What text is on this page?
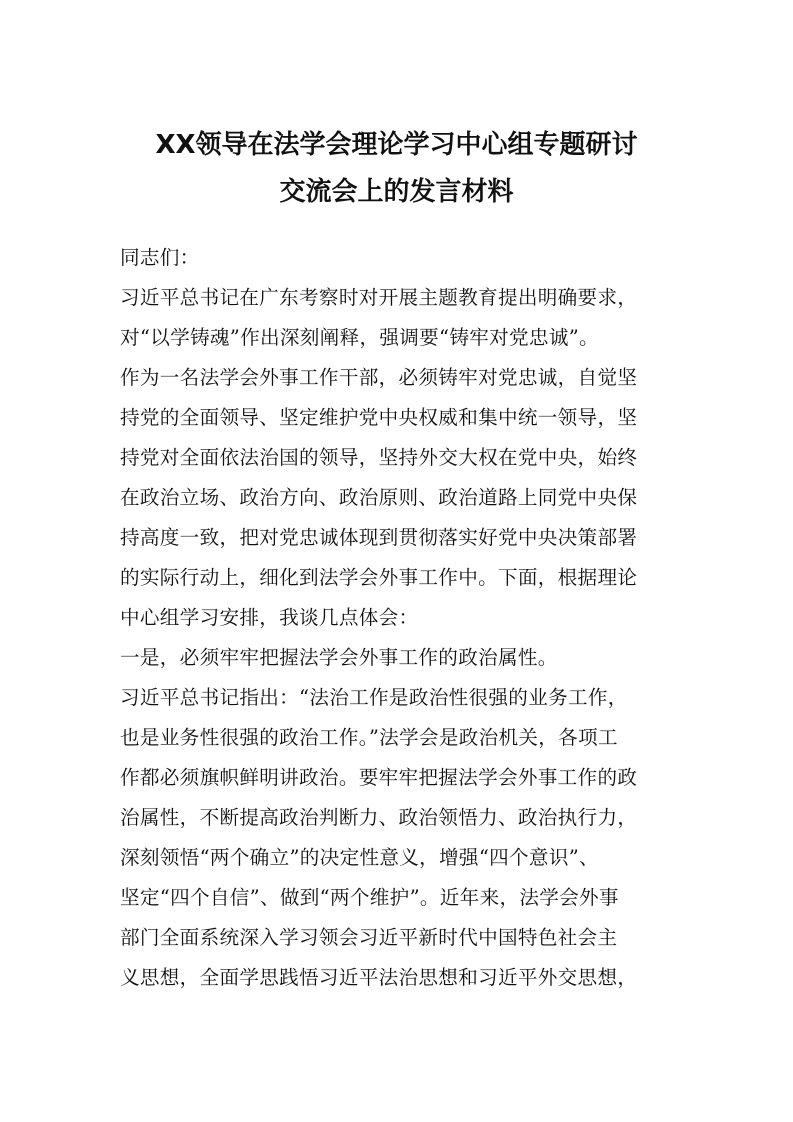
XX领导在法学会理论学习中心组专题研讨
交流会上的发言材料
同志们：
习近平总书记在广东考察时对开展主题教育提出明确要求，
对“以学铸魂”作出深刻阐释，强调要“铸牢对党忠诚”。
作为一名法学会外事工作干部，必须铸牢对党忠诚，自觉坚
持党的全面领导、坚定维护党中央权威和集中统一领导，坚
持党对全面依法治国的领导，坚持外交大权在党中央，始终
在政治立场、政治方向、政治原则、政治道路上同党中央保
持高度一致，把对党忠诚体现到贯彻落实好党中央决策部署
的实际行动上，细化到法学会外事工作中。下面，根据理论
中心组学习安排，我谈几点体会：
一是，必须牢牢把握法学会外事工作的政治属性。
习近平总书记指出：“法治工作是政治性很强的业务工作，
也是业务性很强的政治工作。”法学会是政治机关，各项工
作都必须旗帜鲜明讲政治。要牢牢把握法学会外事工作的政
治属性，不断提高政治判断力、政治领悟力、政治执行力，
深刻领悟“两个确立”的决定性意义，增强“四个意识”、
坚定“四个自信”、做到“两个维护”。近年来，法学会外事
部门全面系统深入学习领会习近平新时代中国特色社会主
义思想，全面学思践悟习近平法治思想和习近平外交思想，
